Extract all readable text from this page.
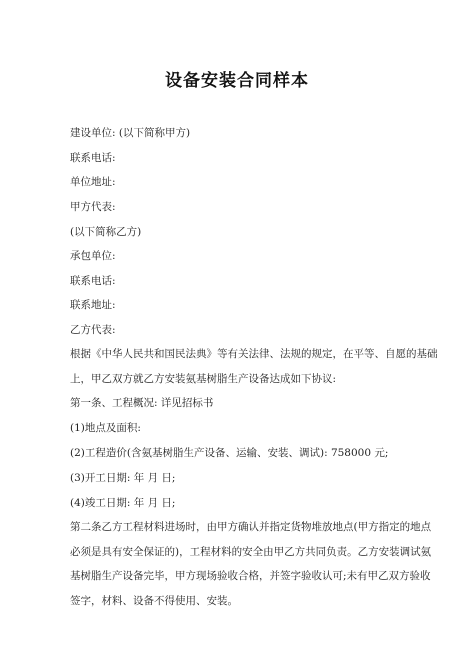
设备安装合同样本
建设单位: (以下简称甲方)
联系电话:
单位地址:
甲方代表:
(以下简称乙方)
承包单位:
联系电话:
联系地址:
乙方代表:
根据《中华人民共和国民法典》等有关法律、法规的规定，在平等、自愿的基础
上，甲乙双方就乙方安装氨基树脂生产设备达成如下协议:
第一条、工程概况: 详见招标书
(1)地点及面积:
(2)工程造价(含氨基树脂生产设备、运输、安装、调试): 758000 元;
(3)开工日期: 年 月 日;
(4)竣工日期: 年 月 日;
第二条乙方工程材料进场时，由甲方确认并指定货物堆放地点(甲方指定的地点
必须是具有安全保证的)，工程材料的安全由甲乙方共同负责。乙方安装调试氨
基树脂生产设备完毕，甲方现场验收合格，并签字验收认可;未有甲乙双方验收
签字，材料、设备不得使用、安装。
